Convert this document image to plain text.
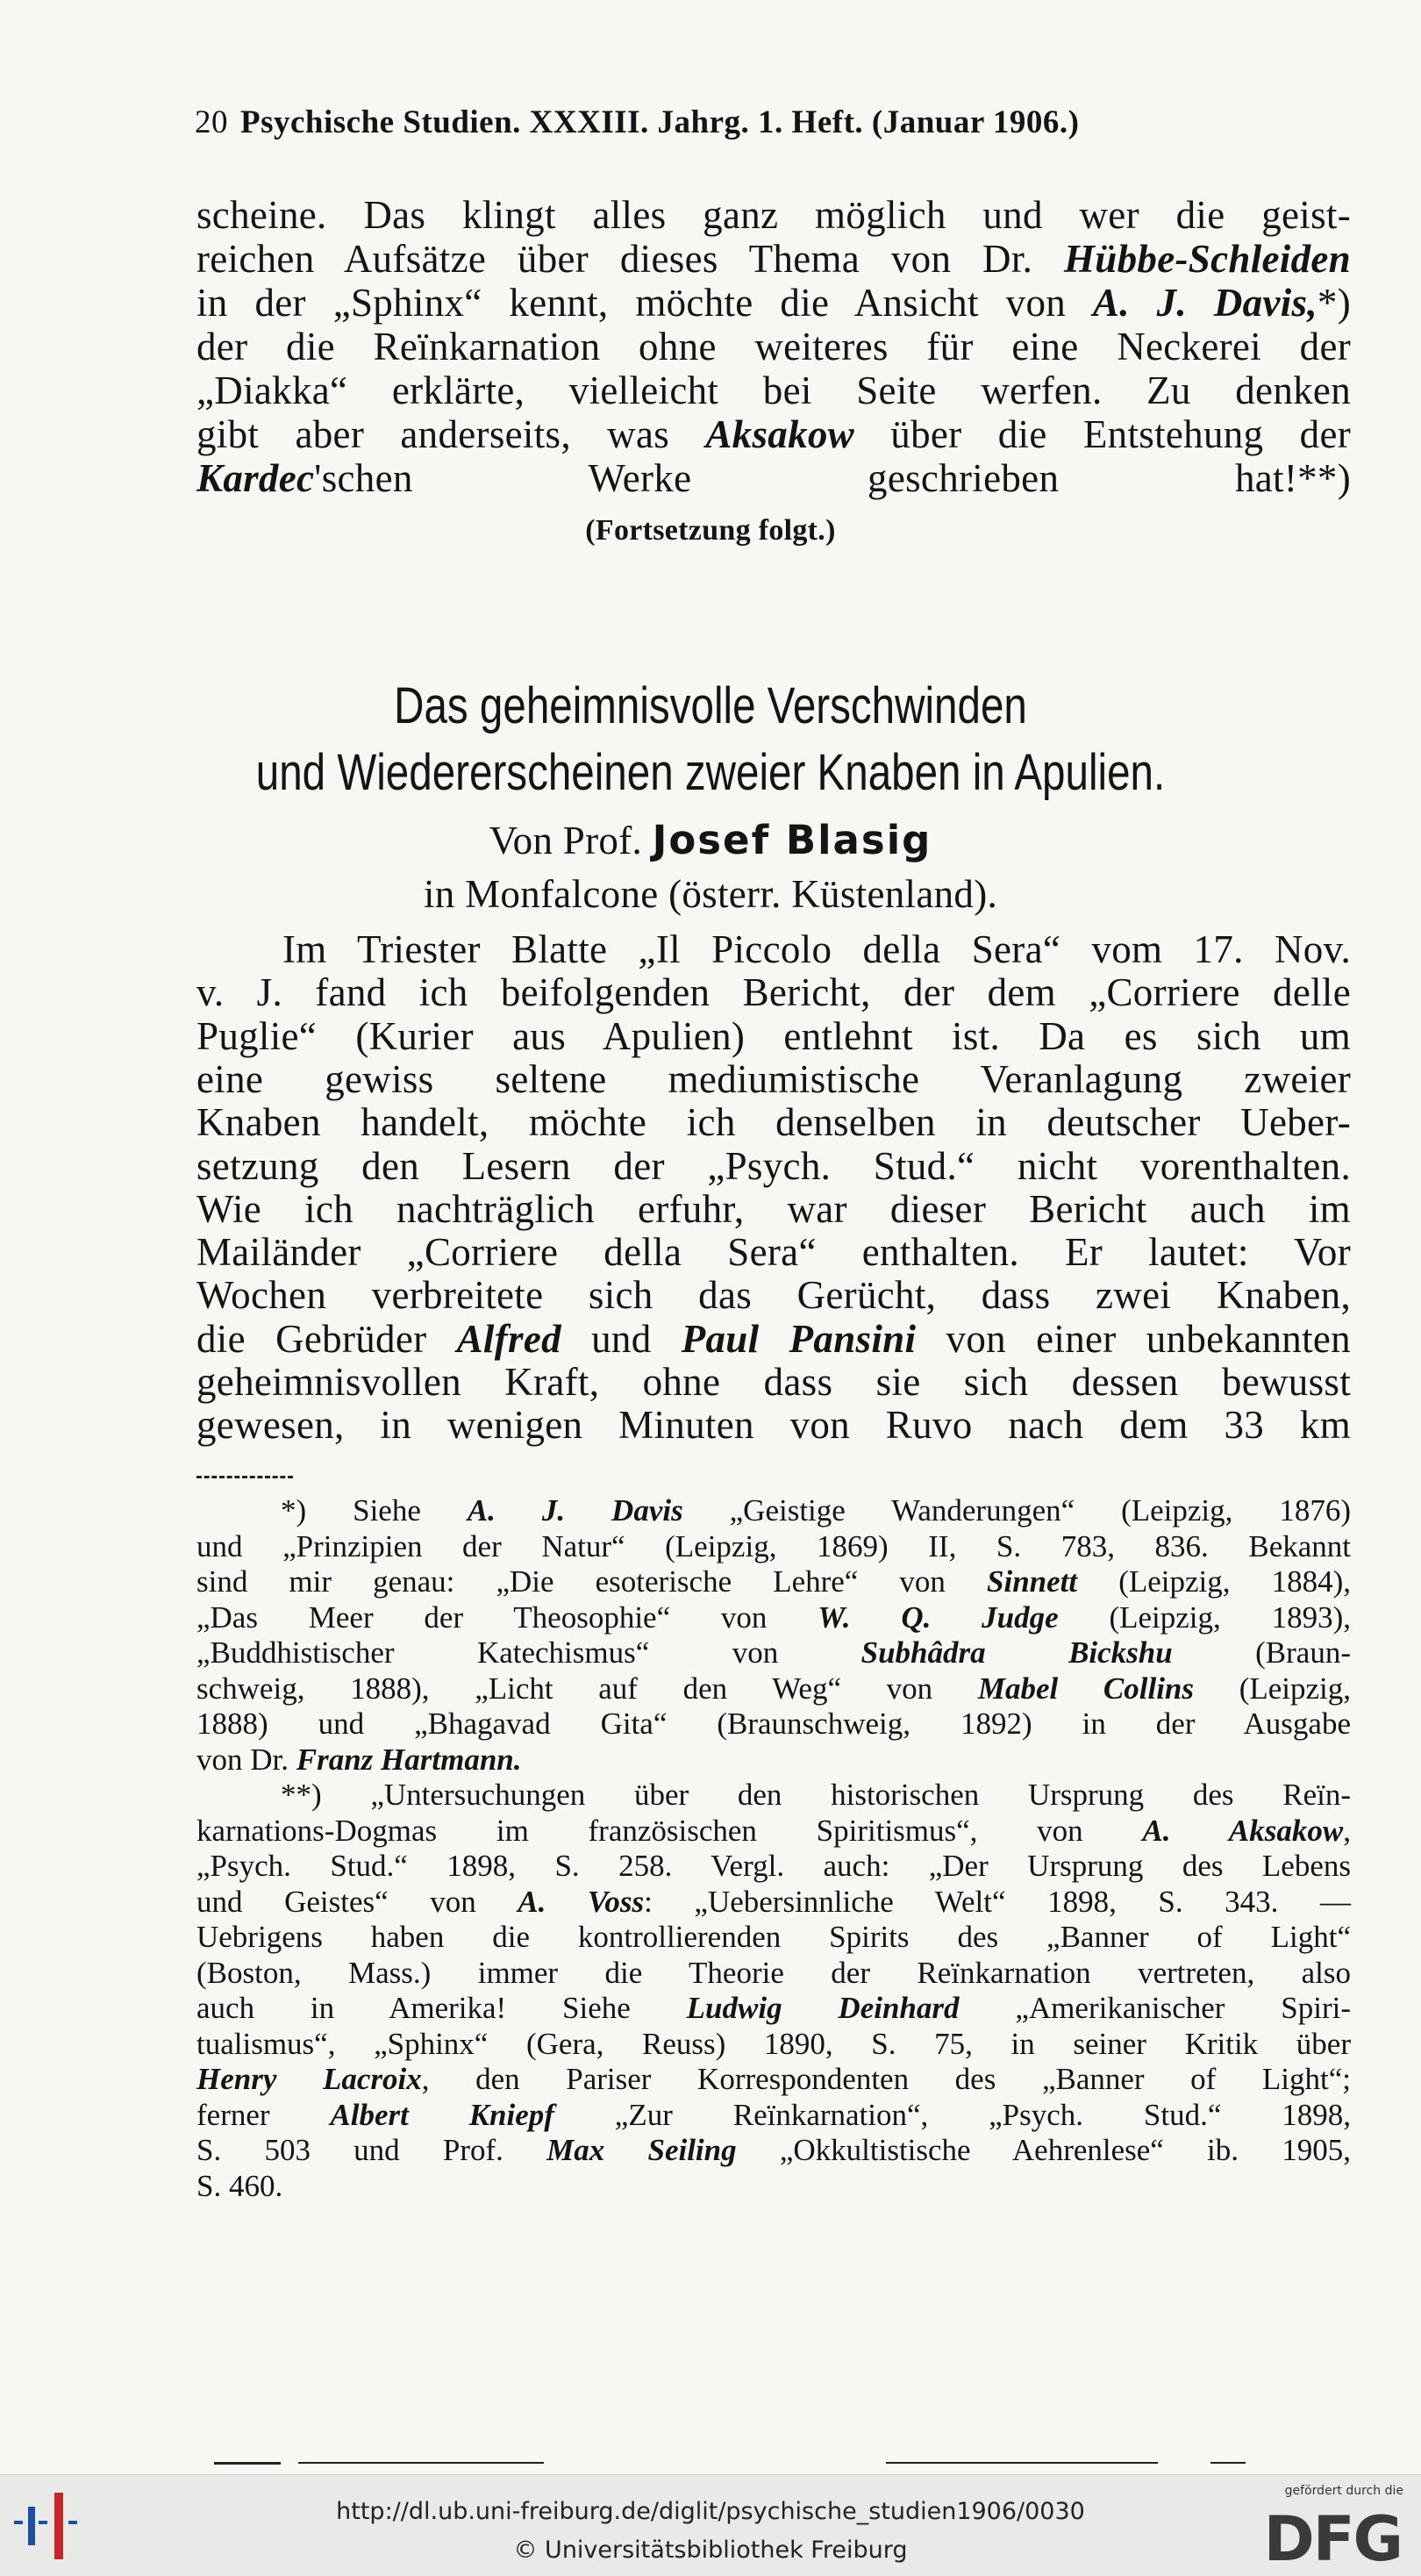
20 Psychische Studien. XXXIII. Jahrg. 1. Heft. (Januar 1906.)
scheine. Das klingt alles ganz möglich und wer die geist-
reichen Aufsätze über dieses Thema von Dr. Hübbe-Schleiden
in der „Sphinx“ kennt, möchte die Ansicht von A. J. Davis,*)
der die Reïnkarnation ohne weiteres für eine Neckerei der
„Diakka“ erklärte, vielleicht bei Seite werfen. Zu denken
gibt aber anderseits, was Aksakow über die Entstehung der
Kardec'schen Werke geschrieben hat!**)
(Fortsetzung folgt.)
Das geheimnisvolle Verschwinden
und Wiedererscheinen zweier Knaben in Apulien.
Von Prof. Josef Blasig
in Monfalcone (österr. Küstenland).
Im Triester Blatte „Il Piccolo della Sera“ vom 17. Nov.
v. J. fand ich beifolgenden Bericht, der dem „Corriere delle
Puglie“ (Kurier aus Apulien) entlehnt ist. Da es sich um
eine gewiss seltene mediumistische Veranlagung zweier
Knaben handelt, möchte ich denselben in deutscher Ueber-
setzung den Lesern der „Psych. Stud.“ nicht vorenthalten.
Wie ich nachträglich erfuhr, war dieser Bericht auch im
Mailänder „Corriere della Sera“ enthalten. Er lautet: Vor
Wochen verbreitete sich das Gerücht, dass zwei Knaben,
die Gebrüder Alfred und Paul Pansini von einer unbekannten
geheimnisvollen Kraft, ohne dass sie sich dessen bewusst
gewesen, in wenigen Minuten von Ruvo nach dem 33 km
*) Siehe A. J. Davis „Geistige Wanderungen“ (Leipzig, 1876)
und „Prinzipien der Natur“ (Leipzig, 1869) II, S. 783, 836. Bekannt
sind mir genau: „Die esoterische Lehre“ von Sinnett (Leipzig, 1884),
„Das Meer der Theosophie“ von W. Q. Judge (Leipzig, 1893),
„Buddhistischer Katechismus“ von Subhâdra Bickshu (Braun-
schweig, 1888), „Licht auf den Weg“ von Mabel Collins (Leipzig,
1888) und „Bhagavad Gita“ (Braunschweig, 1892) in der Ausgabe
von Dr. Franz Hartmann.
**) „Untersuchungen über den historischen Ursprung des Reïn-
karnations-Dogmas im französischen Spiritismus“, von A. Aksakow,
„Psych. Stud.“ 1898, S. 258. Vergl. auch: „Der Ursprung des Lebens
und Geistes“ von A. Voss: „Uebersinnliche Welt“ 1898, S. 343. —
Uebrigens haben die kontrollierenden Spirits des „Banner of Light“
(Boston, Mass.) immer die Theorie der Reïnkarnation vertreten, also
auch in Amerika! Siehe Ludwig Deinhard „Amerikanischer Spiri-
tualismus“, „Sphinx“ (Gera, Reuss) 1890, S. 75, in seiner Kritik über
Henry Lacroix, den Pariser Korrespondenten des „Banner of Light“;
ferner Albert Kniepf „Zur Reïnkarnation“, „Psych. Stud.“ 1898,
S. 503 und Prof. Max Seiling „Okkultistische Aehrenlese“ ib. 1905,
S. 460.
http://dl.ub.uni-freiburg.de/diglit/psychische_studien1906/0030
© Universitätsbibliothek Freiburg
gefördert durch die
DFG
